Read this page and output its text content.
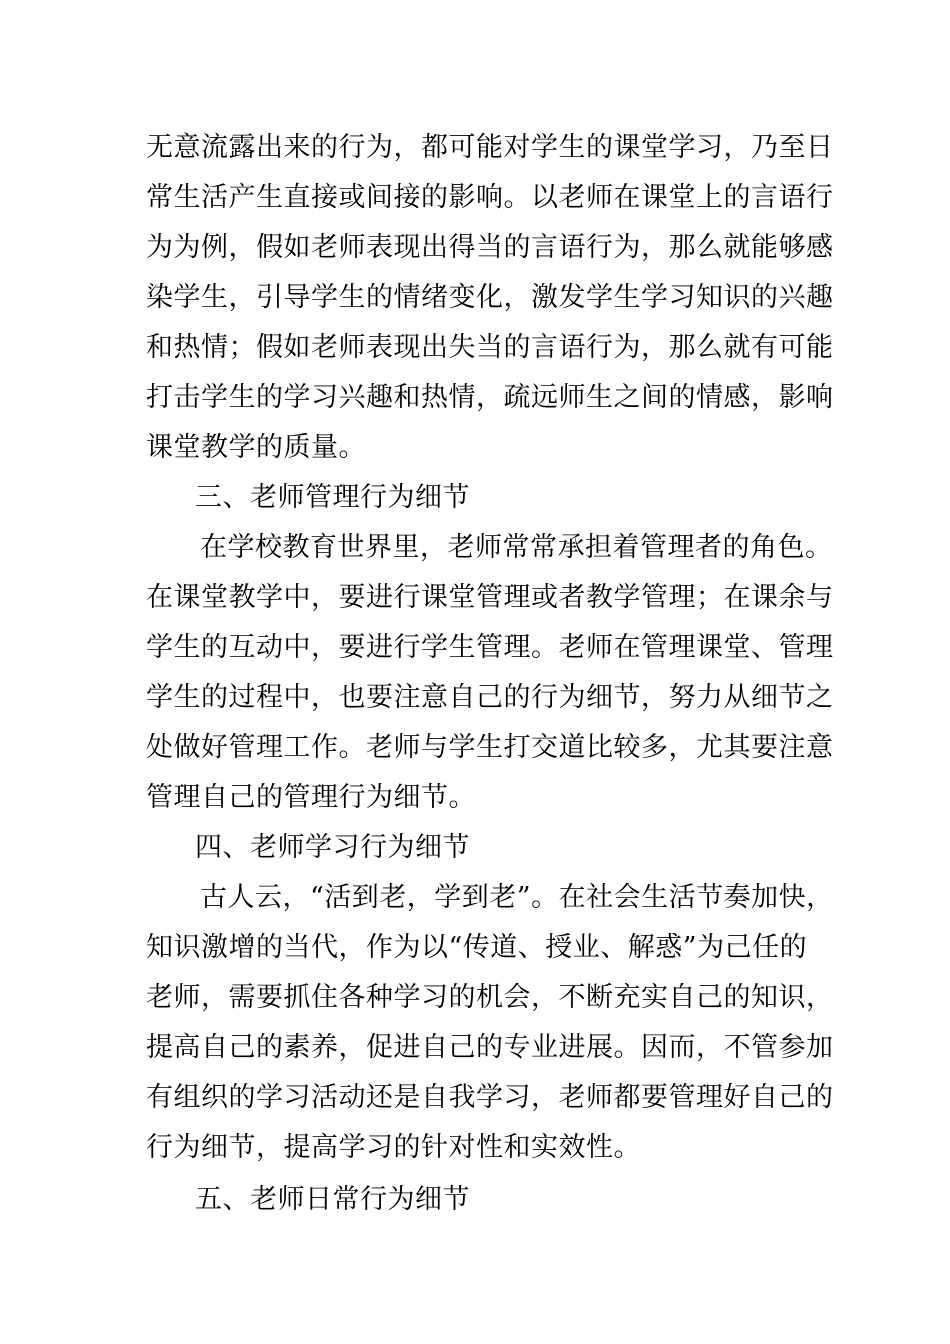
无意流露出来的行为，都可能对学生的课堂学习，乃至日
常生活产生直接或间接的影响。以老师在课堂上的言语行
为为例，假如老师表现出得当的言语行为，那么就能够感
染学生，引导学生的情绪变化，激发学生学习知识的兴趣
和热情；假如老师表现出失当的言语行为，那么就有可能
打击学生的学习兴趣和热情，疏远师生之间的情感，影响
课堂教学的质量。
三、老师管理行为细节
在学校教育世界里，老师常常承担着管理者的角色。
在课堂教学中，要进行课堂管理或者教学管理；在课余与
学生的互动中，要进行学生管理。老师在管理课堂、管理
学生的过程中，也要注意自己的行为细节，努力从细节之
处做好管理工作。老师与学生打交道比较多，尤其要注意
管理自己的管理行为细节。
四、老师学习行为细节
古人云，“活到老，学到老”。在社会生活节奏加快，
知识激增的当代，作为以“传道、授业、解惑”为己任的
老师，需要抓住各种学习的机会，不断充实自己的知识，
提高自己的素养，促进自己的专业进展。因而，不管参加
有组织的学习活动还是自我学习，老师都要管理好自己的
行为细节，提高学习的针对性和实效性。
五、老师日常行为细节
